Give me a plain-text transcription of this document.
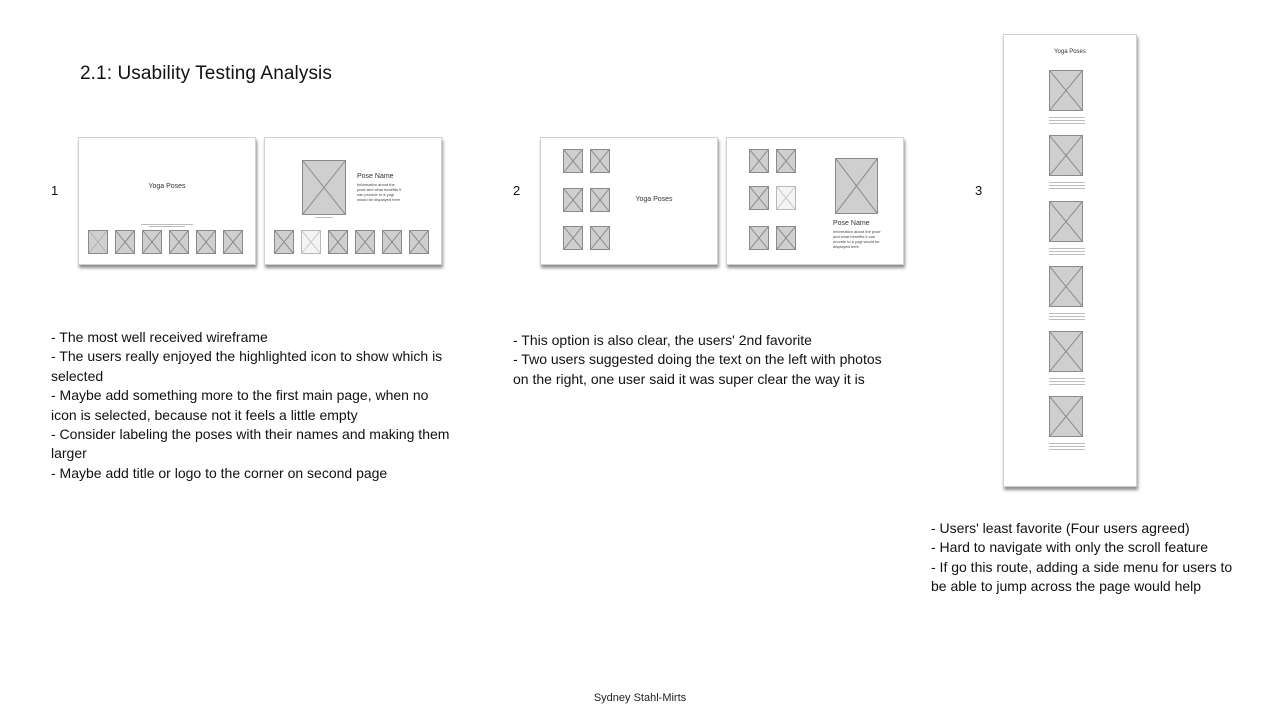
2.1: Usability Testing Analysis
1	2	3
Yoga Poses
Pose Name
Information about the pose and what benefits it can provide to a yogi would be displayed here
- The most well received wireframe
- The users really enjoyed the highlighted icon to show which is selected
- Maybe add something more to the first main page, when no icon is selected, because not it feels a little empty
- Consider labeling the poses with their names and making them larger
- Maybe add title or logo to the corner on second page
Yoga Poses
Pose Name
Information about the pose and what benefits it can provide to a yogi would be displayed here
- This option is also clear, the users' 2nd favorite
- Two users suggested doing the text on the left with photos on the right, one user said it was super clear the way it is
Yoga Poses
- Users' least favorite (Four users agreed)
- Hard to navigate with only the scroll feature
- If go this route, adding a side menu for users to be able to jump across the page would help
Sydney Stahl-Mirts
